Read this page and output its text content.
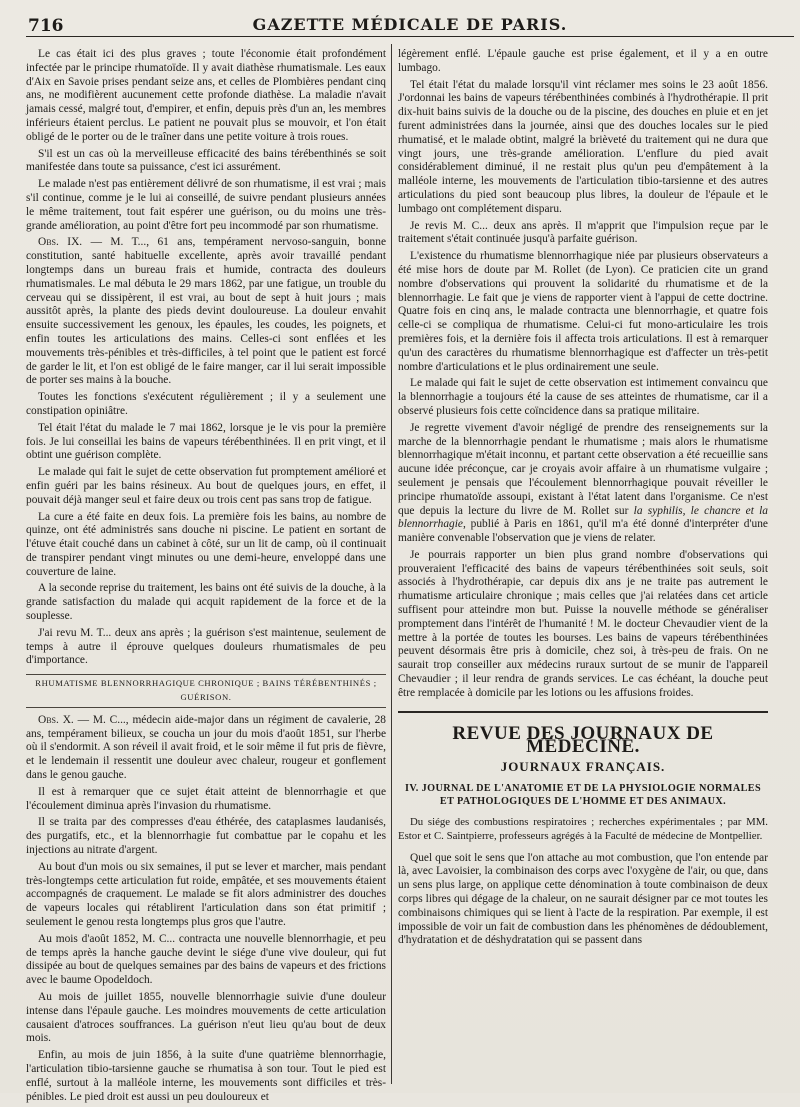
716	GAZETTE MÉDICALE DE PARIS.

Le cas était ici des plus graves ; toute l'économie était profondément infectée par le principe rhumatoïde. Il y avait diathèse rhumatismale. Les eaux d'Aix en Savoie prises pendant seize ans, et celles de Plombières pendant cinq ans, ne modifièrent aucunement cette profonde diathèse. La maladie n'avait jamais cessé, malgré tout, d'empirer, et enfin, depuis près d'un an, les membres inférieurs étaient perclus. Le patient ne pouvait plus se mouvoir, et l'on était obligé de le porter ou de le traîner dans une petite voiture à trois roues.

S'il est un cas où la merveilleuse efficacité des bains térébenthinés se soit manifestée dans toute sa puissance, c'est ici assurément.

Le malade n'est pas entièrement délivré de son rhumatisme, il est vrai ; mais s'il continue, comme je le lui ai conseillé, de suivre pendant plusieurs années le même traitement, tout fait espérer une guérison, ou du moins une très-grande amélioration, au point d'être fort peu incommodé par son rhumatisme.

Obs. IX. — M. T..., 61 ans, tempérament nervoso-sanguin, bonne constitution, santé habituelle excellente, après avoir travaillé pendant longtemps dans un bureau frais et humide, contracta des douleurs rhumatismales. Le mal débuta le 29 mars 1862, par une fatigue, un trouble du cerveau qui se dissipèrent, il est vrai, au bout de sept à huit jours ; mais aussitôt après, la plante des pieds devint douloureuse. La douleur envahit ensuite successivement les genoux, les épaules, les coudes, les poignets, et enfin toutes les articulations des mains. Celles-ci sont enflées et les mouvements très-pénibles et très-difficiles, à tel point que le patient est forcé de garder le lit, et l'on est obligé de le faire manger, car il lui serait impossible de porter ses mains à la bouche.

Toutes les fonctions s'exécutent régulièrement ; il y a seulement une constipation opiniâtre.

Tel était l'état du malade le 7 mai 1862, lorsque je le vis pour la première fois. Je lui conseillai les bains de vapeurs térébenthinées. Il en prit vingt, et il obtint une guérison complète.

Le malade qui fait le sujet de cette observation fut promptement amélioré et enfin guéri par les bains résineux. Au bout de quelques jours, en effet, il pouvait déjà manger seul et faire deux ou trois cent pas sans trop de fatigue.

La cure a été faite en deux fois. La première fois les bains, au nombre de quinze, ont été administrés sans douche ni piscine. Le patient en sortant de l'étuve était couché dans un cabinet à côté, sur un lit de camp, où il continuait de transpirer pendant vingt minutes ou une demi-heure, enveloppé dans une couverture de laine.

A la seconde reprise du traitement, les bains ont été suivis de la douche, à la grande satisfaction du malade qui acquit rapidement de la force et de la souplesse.

J'ai revu M. T... deux ans après ; la guérison s'est maintenue, seulement de temps à autre il éprouve quelques douleurs rhumatismales de peu d'importance.

RHUMATISME BLENNORRHAGIQUE CHRONIQUE ; BAINS TÉRÉBENTHINÉS ; GUÉRISON.

Obs. X. — M. C..., médecin aide-major dans un régiment de cavalerie, 28 ans, tempérament bilieux, se coucha un jour du mois d'août 1851, sur l'herbe où il s'endormit. A son réveil il avait froid, et le soir même il fut pris de fièvre, et le lendemain il ressentit une douleur avec chaleur, rougeur et gonflement dans le genou gauche.

Il est à remarquer que ce sujet était atteint de blennorrhagie et que l'écoulement diminua après l'invasion du rhumatisme.

Il se traita par des compresses d'eau éthérée, des cataplasmes laudanisés, des purgatifs, etc., et la blennorrhagie fut combattue par le copahu et les injections au nitrate d'argent.

Au bout d'un mois ou six semaines, il put se lever et marcher, mais pendant très-longtemps cette articulation fut roide, empâtée, et ses mouvements étaient accompagnés de craquement. Le malade se fit alors administrer des douches de vapeurs locales qui rétablirent l'articulation dans son état primitif ; seulement le genou resta longtemps plus gros que l'autre.

Au mois d'août 1852, M. C... contracta une nouvelle blennorrhagie, et peu de temps après la hanche gauche devint le siége d'une vive douleur, qui fut dissipée au bout de quelques semaines par des bains de vapeurs et des frictions avec le baume Opodeldoch.

Au mois de juillet 1855, nouvelle blennorrhagie suivie d'une douleur intense dans l'épaule gauche. Les moindres mouvements de cette articulation causaient d'atroces souffrances. La guérison n'eut lieu qu'au bout de deux mois.

Enfin, au mois de juin 1856, à la suite d'une quatrième blennorrhagie, l'articulation tibio-tarsienne gauche se rhumatisa à son tour. Tout le pied est enflé, surtout à la malléole interne, les mouvements sont difficiles et très-pénibles. Le pied droit est aussi un peu douloureux et

légèrement enflé. L'épaule gauche est prise également, et il y a en outre lumbago.

Tel était l'état du malade lorsqu'il vint réclamer mes soins le 23 août 1856. J'ordonnai les bains de vapeurs térébenthinées combinés à l'hydrothérapie. Il prit dix-huit bains suivis de la douche ou de la piscine, des douches en pluie et en jet furent administrées dans la journée, ainsi que des douches locales sur le pied rhumatisé, et le malade obtint, malgré la brièveté du traitement qui ne dura que vingt jours, une très-grande amélioration. L'enflure du pied avait considérablement diminué, il ne restait plus qu'un peu d'empâtement à la malléole interne, les mouvements de l'articulation tibio-tarsienne et des autres articulations du pied sont beaucoup plus libres, la douleur de l'épaule et le lumbago ont complétement disparu.

Je revis M. C... deux ans après. Il m'apprit que l'impulsion reçue par le traitement s'était continuée jusqu'à parfaite guérison.

L'existence du rhumatisme blennorrhagique niée par plusieurs observateurs a été mise hors de doute par M. Rollet (de Lyon). Ce praticien cite un grand nombre d'observations qui prouvent la solidarité du rhumatisme et de la blennorrhagie. Le fait que je viens de rapporter vient à l'appui de cette doctrine. Quatre fois en cinq ans, le malade contracta une blennorrhagie, et quatre fois celle-ci se compliqua de rhumatisme. Celui-ci fut mono-articulaire les trois premières fois, et la dernière fois il affecta trois articulations. Il est à remarquer qu'un des caractères du rhumatisme blennorrhagique est d'affecter un très-petit nombre d'articulations et le plus ordinairement une seule.

Le malade qui fait le sujet de cette observation est intimement convaincu que la blennorrhagie a toujours été la cause de ses atteintes de rhumatisme, car il a observé plusieurs fois cette coïncidence dans sa pratique militaire.

Je regrette vivement d'avoir négligé de prendre des renseignements sur la marche de la blennorrhagie pendant le rhumatisme ; mais alors le rhumatisme blennorrhagique m'était inconnu, et partant cette observation a été recueillie sans aucune idée préconçue, car je croyais avoir affaire à un rhumatisme vulgaire ; seulement je pensais que l'écoulement blennorrhagique pouvait réveiller le principe rhumatoïde assoupi, existant à l'état latent dans l'organisme. Ce n'est que depuis la lecture du livre de M. Rollet sur la syphilis, le chancre et la blennorrhagie, publié à Paris en 1861, qu'il m'a été donné d'interpréter d'une manière convenable l'observation que je viens de relater.

Je pourrais rapporter un bien plus grand nombre d'observations qui prouveraient l'efficacité des bains de vapeurs térébenthinées soit seuls, soit associés à l'hydrothérapie, car depuis dix ans je ne traite pas autrement le rhumatisme articulaire chronique ; mais celles que j'ai relatées dans cet article suffisent pour atteindre mon but. Puisse la nouvelle méthode se généraliser promptement dans l'intérêt de l'humanité ! M. le docteur Chevaudier vient de la mettre à la portée de toutes les bourses. Les bains de vapeurs térébenthinées peuvent désormais être pris à domicile, chez soi, à très-peu de frais. On ne saurait trop conseiller aux médecins ruraux surtout de se munir de l'appareil Chevaudier ; il leur rendra de grands services. Le cas échéant, la douche peut être remplacée à domicile par les lotions ou les affusions froides.

REVUE DES JOURNAUX DE MÉDECINE.

JOURNAUX FRANÇAIS.

IV. JOURNAL DE L'ANATOMIE ET DE LA PHYSIOLOGIE NORMALES ET PATHOLOGIQUES DE L'HOMME ET DES ANIMAUX.

Du siége des combustions respiratoires ; recherches expérimentales ; par MM. Estor et C. Saintpierre, professeurs agrégés à la Faculté de médecine de Montpellier.

Quel que soit le sens que l'on attache au mot combustion, que l'on entende par là, avec Lavoisier, la combinaison des corps avec l'oxygène de l'air, ou que, dans un sens plus large, on applique cette dénomination à toute combinaison de deux corps libres qui dégage de la chaleur, on ne saurait désigner par ce mot toutes les combinaisons chimiques qui se lient à l'acte de la respiration. Par exemple, il est impossible de voir un fait de combustion dans les phénomènes de dédoublement, d'hydratation et de déshydratation qui se passent dans
